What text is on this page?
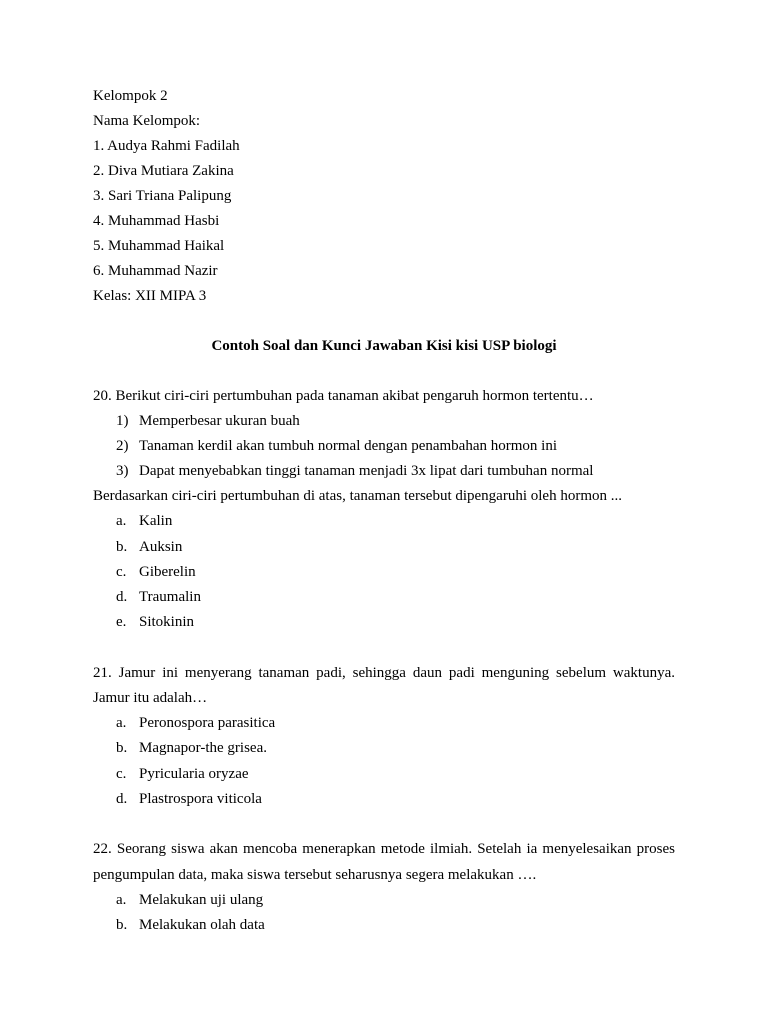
Kelompok 2
Nama Kelompok:
1. Audya Rahmi Fadilah
2. Diva Mutiara Zakina
3. Sari Triana Palipung
4. Muhammad Hasbi
5. Muhammad Haikal
6. Muhammad Nazir
Kelas: XII MIPA 3
Contoh Soal dan Kunci Jawaban Kisi kisi USP biologi
20. Berikut ciri-ciri pertumbuhan pada tanaman akibat pengaruh hormon tertentu…
1) Memperbesar ukuran buah
2) Tanaman kerdil akan tumbuh normal dengan penambahan hormon ini
3) Dapat menyebabkan tinggi tanaman menjadi 3x lipat dari tumbuhan normal
Berdasarkan ciri-ciri pertumbuhan di atas, tanaman tersebut dipengaruhi oleh hormon ...
a. Kalin
b. Auksin
c. Giberelin
d. Traumalin
e. Sitokinin
21. Jamur ini menyerang tanaman padi, sehingga daun padi menguning sebelum waktunya.
Jamur itu adalah…
a. Peronospora parasitica
b. Magnapor-the grisea.
c. Pyricularia oryzae
d. Plastrospora viticola
22. Seorang siswa akan mencoba menerapkan metode ilmiah. Setelah ia menyelesaikan proses
pengumpulan data, maka siswa tersebut seharusnya segera melakukan ….
a. Melakukan uji ulang
b. Melakukan olah data
